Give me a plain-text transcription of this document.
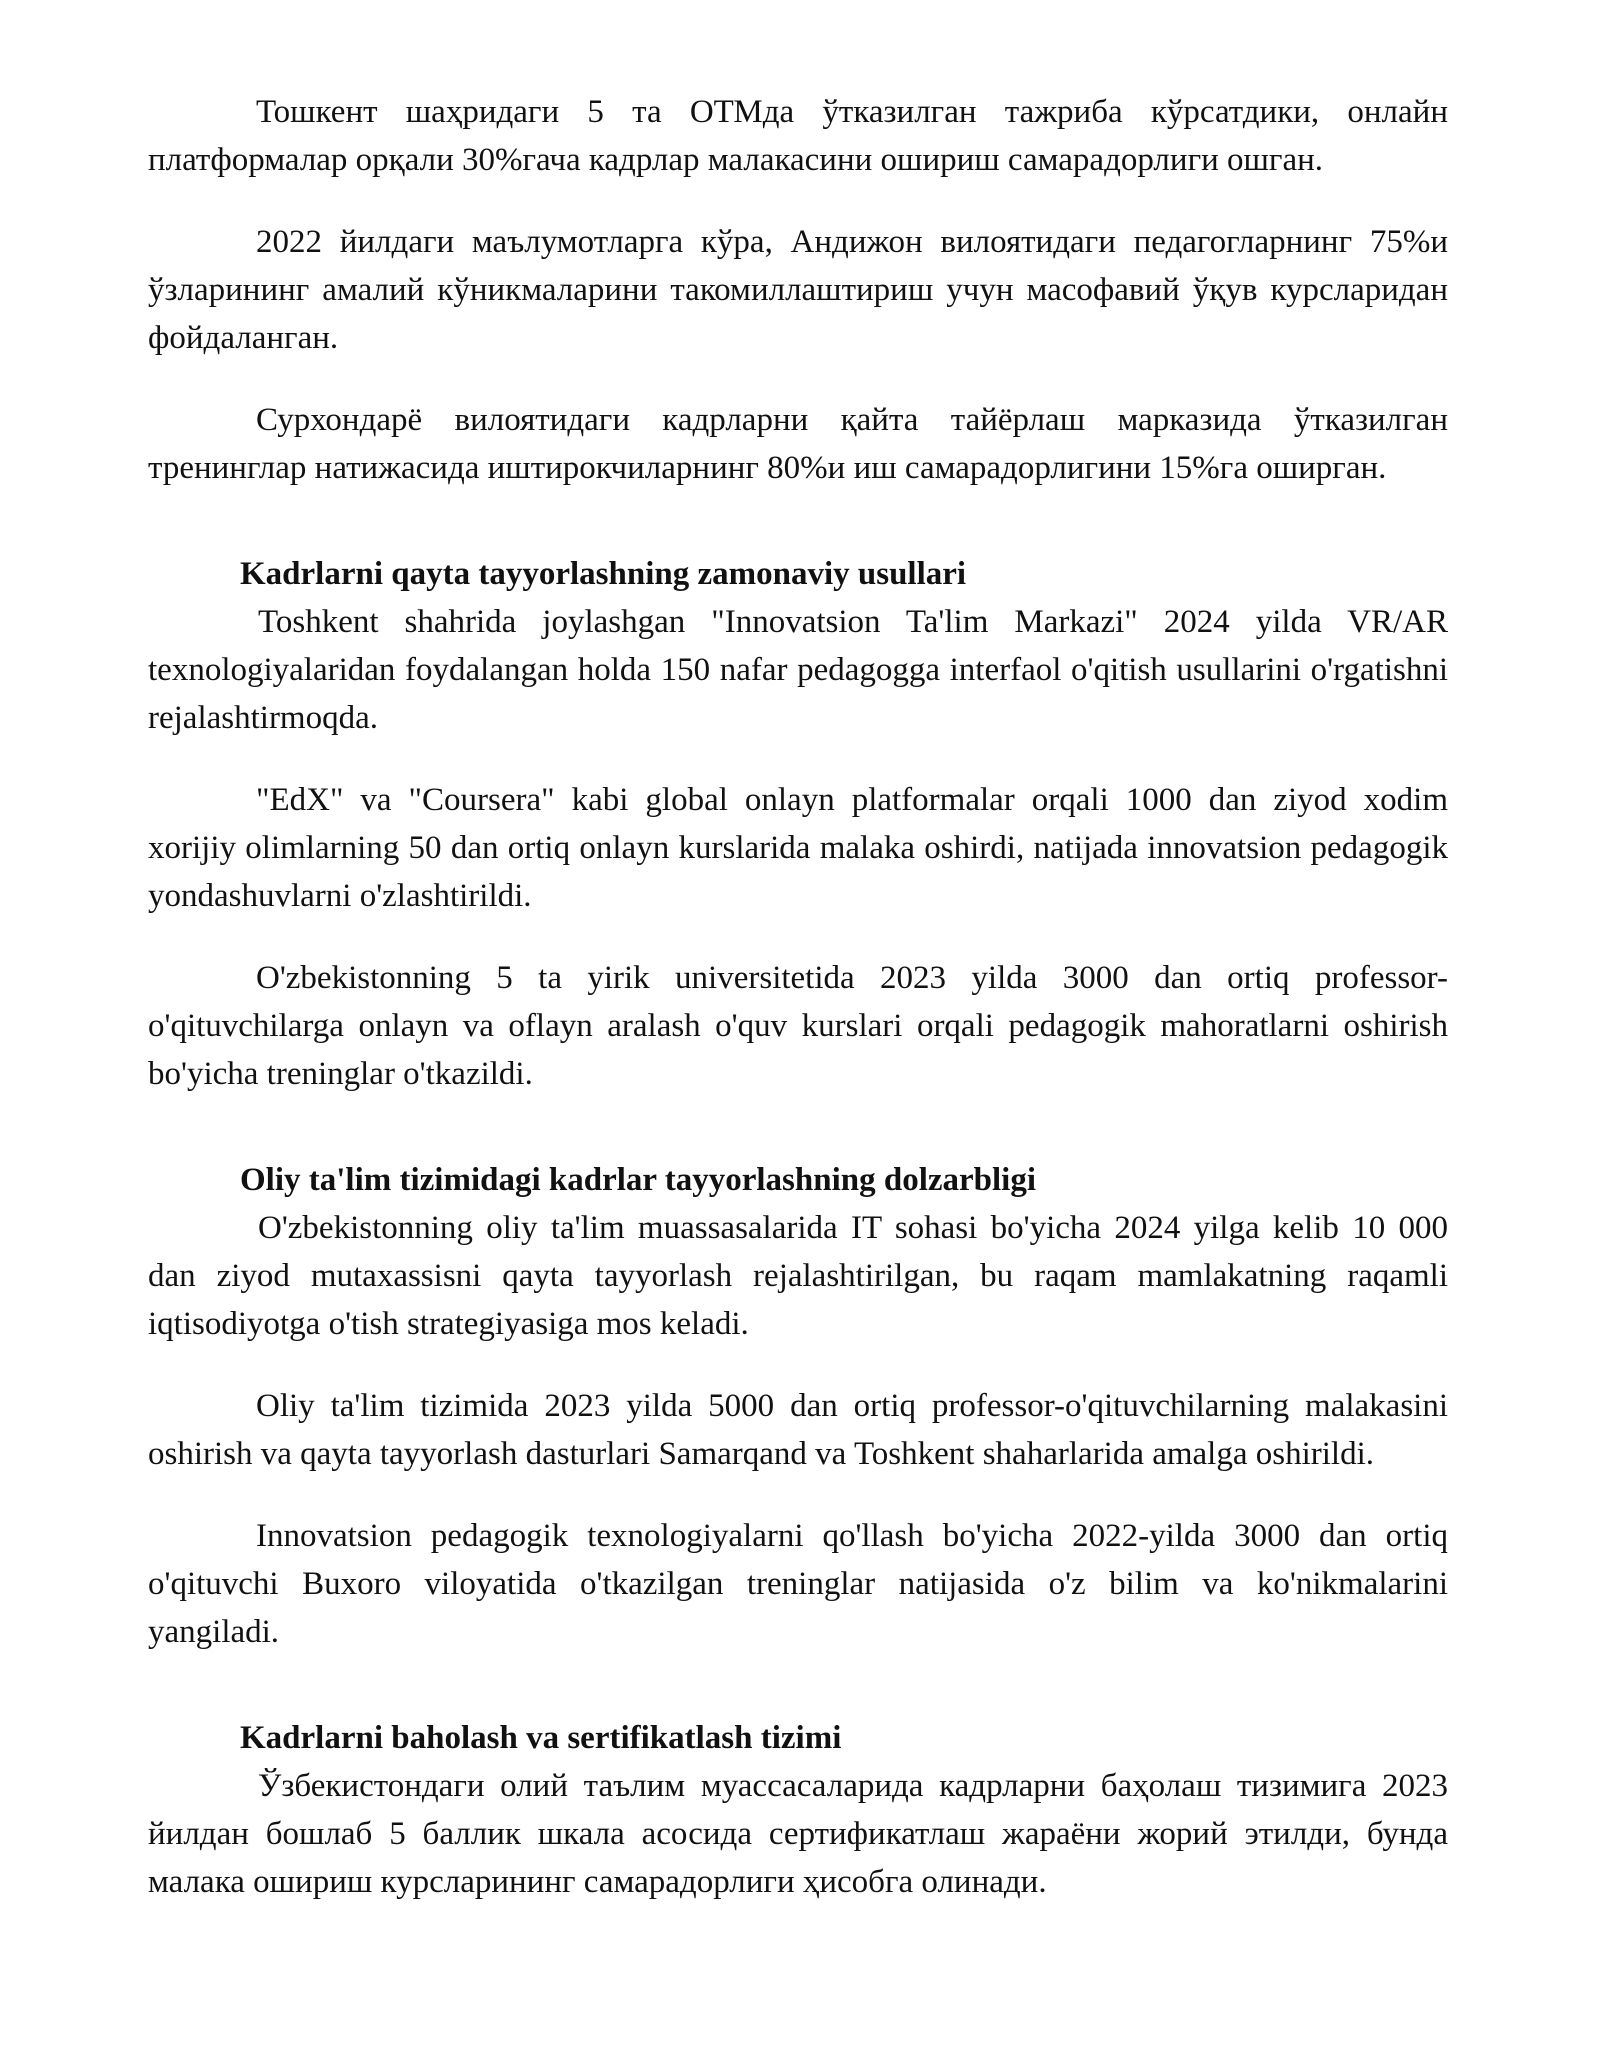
Тошкент шаҳридаги 5 та ОТМда ўтказилган тажриба кўрсатдики, онлайн платформалар орқали 30%гача кадрлар малакасини ошириш самарадорлиги ошган.

2022 йилдаги маълумотларга кўра, Андижон вилоятидаги педагогларнинг 75%и ўзларининг амалий кўникмаларини такомиллаштириш учун масофавий ўқув курсларидан фойдаланган.

Сурхондарё вилоятидаги кадрларни қайта тайёрлаш марказида ўтказилган тренинглар натижасида иштирокчиларнинг 80%и иш самарадорлигини 15%га оширган.

Kadrlarni qayta tayyorlashning zamonaviy usullari

Toshkent shahrida joylashgan "Innovatsion Ta'lim Markazi" 2024 yilda VR/AR texnologiyalaridan foydalangan holda 150 nafar pedagogga interfaol o'qitish usullarini o'rgatishni rejalashtirmoqda.

"EdX" va "Coursera" kabi global onlayn platformalar orqali 1000 dan ziyod xodim xorijiy olimlarning 50 dan ortiq onlayn kurslarida malaka oshirdi, natijada innovatsion pedagogik yondashuvlarni o'zlashtirildi.

O'zbekistonning 5 ta yirik universitetida 2023 yilda 3000 dan ortiq professor-o'qituvchilarga onlayn va oflayn aralash o'quv kurslari orqali pedagogik mahoratlarni oshirish bo'yicha treninglar o'tkazildi.

Oliy ta'lim tizimidagi kadrlar tayyorlashning dolzarbligi

O'zbekistonning oliy ta'lim muassasalarida IT sohasi bo'yicha 2024 yilga kelib 10 000 dan ziyod mutaxassisni qayta tayyorlash rejalashtirilgan, bu raqam mamlakatning raqamli iqtisodiyotga o'tish strategiyasiga mos keladi.

Oliy ta'lim tizimida 2023 yilda 5000 dan ortiq professor-o'qituvchilarning malakasini oshirish va qayta tayyorlash dasturlari Samarqand va Toshkent shaharlarida amalga oshirildi.

Innovatsion pedagogik texnologiyalarni qo'llash bo'yicha 2022-yilda 3000 dan ortiq o'qituvchi Buxoro viloyatida o'tkazilgan treninglar natijasida o'z bilim va ko'nikmalarini yangiladi.

Kadrlarni baholash va sertifikatlash tizimi

Ўзбекистондаги олий таълим муассасаларида кадрларни баҳолаш тизимига 2023 йилдан бошлаб 5 баллик шкала асосида сертификатлаш жараёни жорий этилди, бунда малака ошириш курсларининг самарадорлиги ҳисобга олинади.
